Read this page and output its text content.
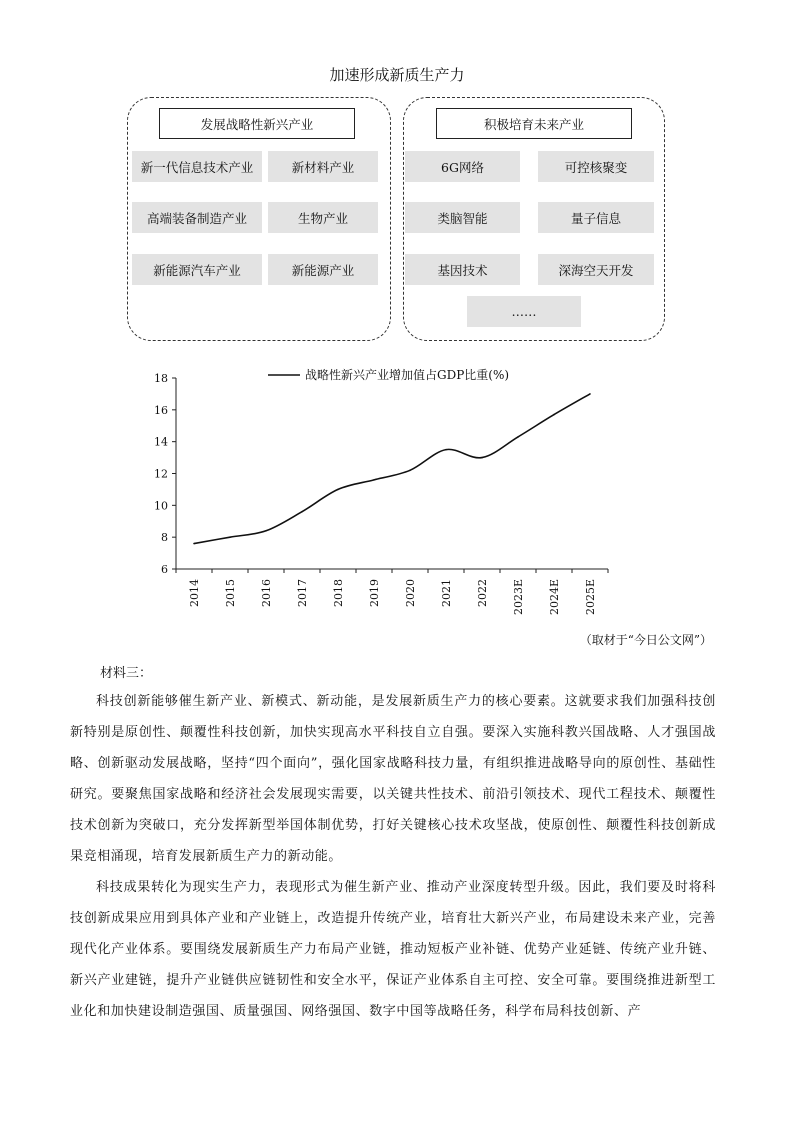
加速形成新质生产力
发展战略性新兴产业
新一代信息技术产业	新材料产业
高端装备制造产业	生物产业
新能源汽车产业	新能源产业
积极培育未来产业
6G网络	可控核聚变
类脑智能	量子信息
基因技术	深海空天开发
……
6
8
10
12
14
16
18
2014 2015 2016 2017 2018 2019 2020 2021 2022 2023E 2024E 2025E
战略性新兴产业增加值占GDP比重(%)
（取材于“今日公文网”）
材料三：

科技创新能够催生新产业、新模式、新动能，是发展新质生产力的核心要素。这就要求我们加强科技创新特别是原创性、颠覆性科技创新，加快实现高水平科技自立自强。要深入实施科教兴国战略、人才强国战略、创新驱动发展战略，坚持“四个面向”，强化国家战略科技力量，有组织推进战略导向的原创性、基础性研究。要聚焦国家战略和经济社会发展现实需要，以关键共性技术、前沿引领技术、现代工程技术、颠覆性技术创新为突破口，充分发挥新型举国体制优势，打好关键核心技术攻坚战，使原创性、颠覆性科技创新成果竞相涌现，培育发展新质生产力的新动能。

科技成果转化为现实生产力，表现形式为催生新产业、推动产业深度转型升级。因此，我们要及时将科技创新成果应用到具体产业和产业链上，改造提升传统产业，培育壮大新兴产业，布局建设未来产业，完善现代化产业体系。要围绕发展新质生产力布局产业链，推动短板产业补链、优势产业延链、传统产业升链、新兴产业建链，提升产业链供应链韧性和安全水平，保证产业体系自主可控、安全可靠。要围绕推进新型工业化和加快建设制造强国、质量强国、网络强国、数字中国等战略任务，科学布局科技创新、产
